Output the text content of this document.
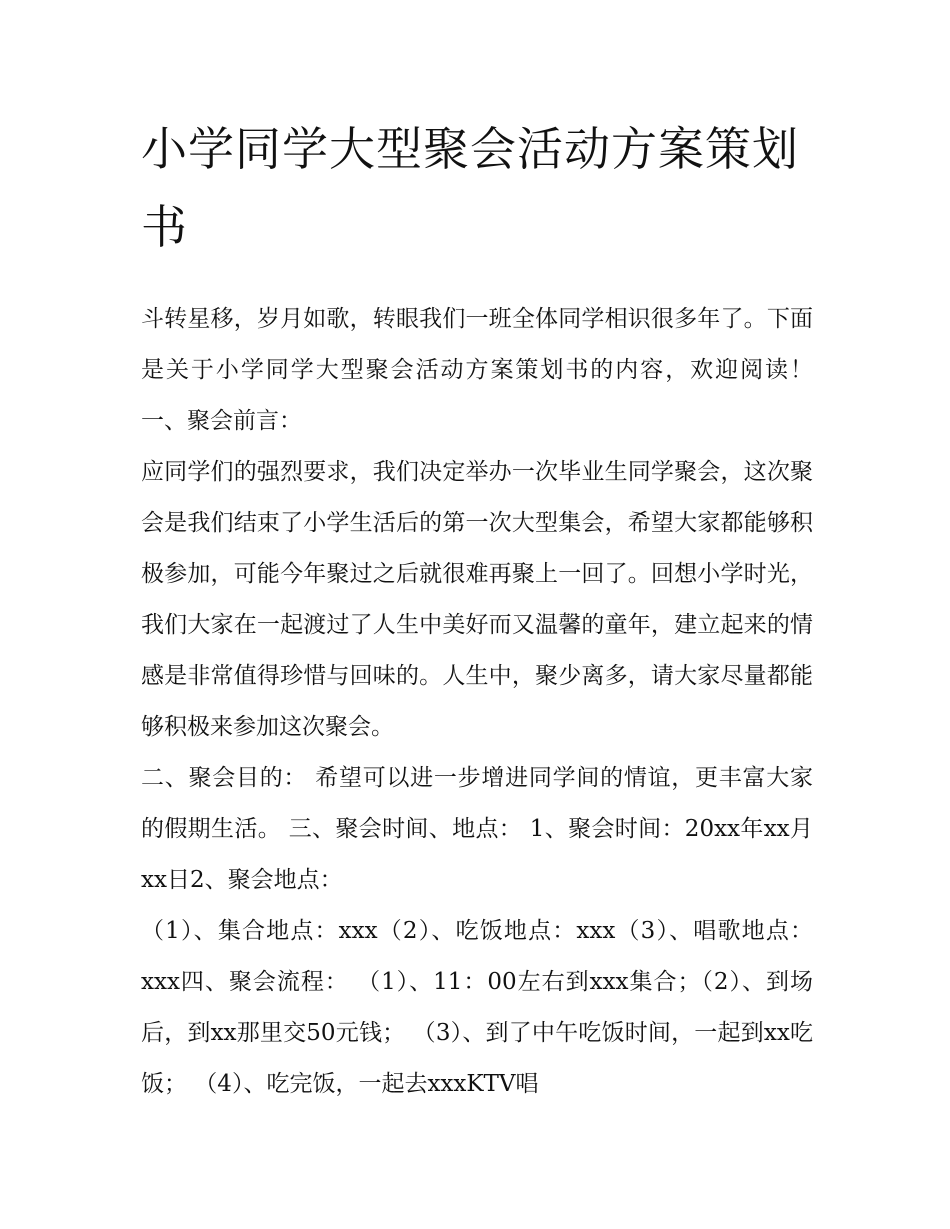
小学同学大型聚会活动方案策划书

斗转星移，岁月如歌，转眼我们一班全体同学相识很多年了。下面是关于小学同学大型聚会活动方案策划书的内容，欢迎阅读！ 一、聚会前言：

应同学们的强烈要求，我们决定举办一次毕业生同学聚会，这次聚会是我们结束了小学生活后的第一次大型集会，希望大家都能够积极参加，可能今年聚过之后就很难再聚上一回了。回想小学时光，我们大家在一起渡过了人生中美好而又温馨的童年，建立起来的情感是非常值得珍惜与回味的。人生中，聚少离多，请大家尽量都能够积极来参加这次聚会。

二、聚会目的： 希望可以进一步增进同学间的情谊，更丰富大家的假期生活。 三、聚会时间、地点： 1、聚会时间：20xx年xx月xx日2、聚会地点：

（1）、集合地点：xxx（2）、吃饭地点：xxx（3）、唱歌地点：xxx四、聚会流程： （1）、11：00左右到xxx集合；（2）、到场后，到xx那里交50元钱； （3）、到了中午吃饭时间，一起到xx吃饭； （4）、吃完饭，一起去xxxKTV唱
